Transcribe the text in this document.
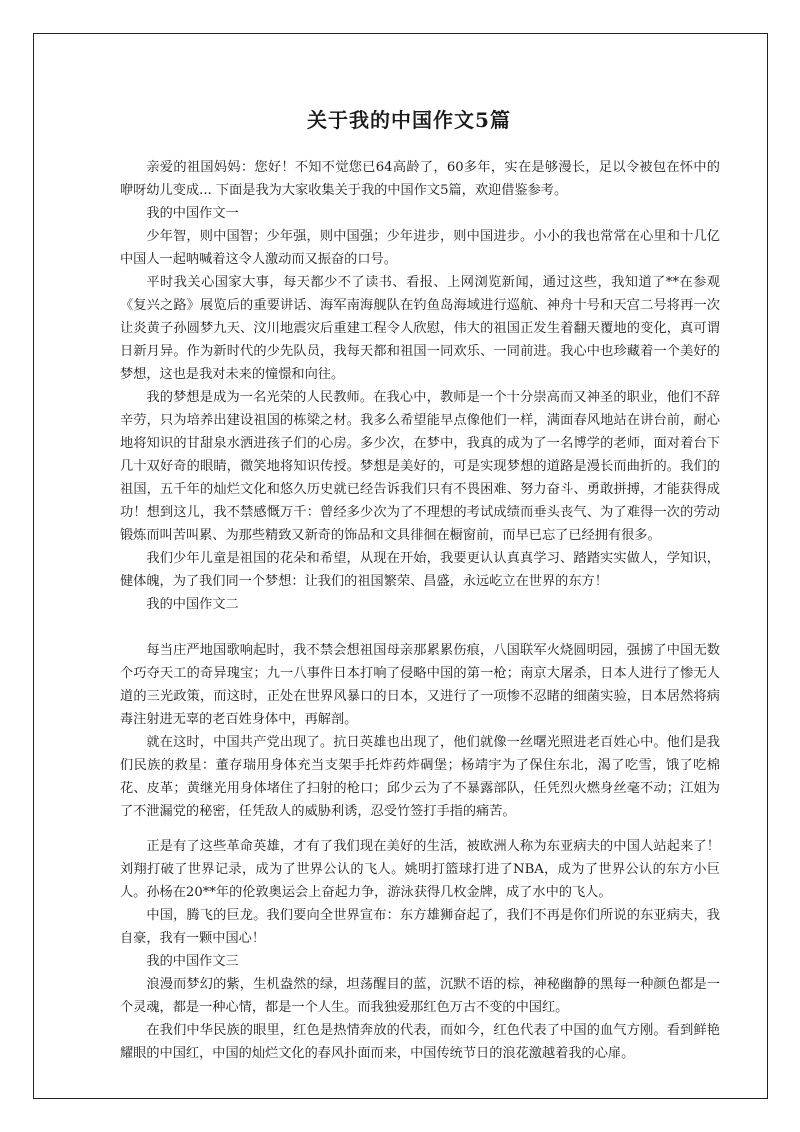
关于我的中国作文5篇

亲爱的祖国妈妈：您好！不知不觉您已64高龄了，60多年，实在是够漫长，足以令被包在怀中的咿呀幼儿变成... 下面是我为大家收集关于我的中国作文5篇，欢迎借鉴参考。

我的中国作文一

少年智，则中国智；少年强，则中国强；少年进步，则中国进步。小小的我也常常在心里和十几亿中国人一起呐喊着这令人激动而又振奋的口号。

平时我关心国家大事，每天都少不了读书、看报、上网浏览新闻，通过这些，我知道了**在参观《复兴之路》展览后的重要讲话、海军南海舰队在钓鱼岛海域进行巡航、神舟十号和天宫二号将再一次让炎黄子孙圆梦九天、汶川地震灾后重建工程令人欣慰，伟大的祖国正发生着翻天覆地的变化，真可谓日新月异。作为新时代的少先队员，我每天都和祖国一同欢乐、一同前进。我心中也珍藏着一个美好的梦想，这也是我对未来的憧憬和向往。

我的梦想是成为一名光荣的人民教师。在我心中，教师是一个十分崇高而又神圣的职业，他们不辞辛劳，只为培养出建设祖国的栋梁之材。我多么希望能早点像他们一样，满面春风地站在讲台前，耐心地将知识的甘甜泉水洒进孩子们的心房。多少次，在梦中，我真的成为了一名博学的老师，面对着台下几十双好奇的眼睛，微笑地将知识传授。梦想是美好的，可是实现梦想的道路是漫长而曲折的。我们的祖国，五千年的灿烂文化和悠久历史就已经告诉我们只有不畏困难、努力奋斗、勇敢拼搏，才能获得成功！想到这儿，我不禁感慨万千：曾经多少次为了不理想的考试成绩而垂头丧气、为了难得一次的劳动锻炼而叫苦叫累、为那些精致又新奇的饰品和文具徘徊在橱窗前，而早已忘了已经拥有很多。

我们少年儿童是祖国的花朵和希望，从现在开始，我要更认认真真学习、踏踏实实做人，学知识，健体魄，为了我们同一个梦想：让我们的祖国繁荣、昌盛，永远屹立在世界的东方！

我的中国作文二

每当庄严地国歌响起时，我不禁会想祖国母亲那累累伤痕，八国联军火烧圆明园，强掳了中国无数个巧夺天工的奇异瑰宝；九一八事件日本打响了侵略中国的第一枪；南京大屠杀，日本人进行了惨无人道的三光政策，而这时，正处在世界风暴口的日本，又进行了一项惨不忍睹的细菌实验，日本居然将病毒注射进无辜的老百姓身体中，再解剖。

就在这时，中国共产党出现了。抗日英雄也出现了，他们就像一丝曙光照进老百姓心中。他们是我们民族的救星：董存瑞用身体充当支架手托炸药炸碉堡；杨靖宇为了保住东北，渴了吃雪，饿了吃棉花、皮革；黄继光用身体堵住了扫射的枪口；邱少云为了不暴露部队，任凭烈火燃身丝毫不动；江姐为了不泄漏党的秘密，任凭敌人的威胁利诱，忍受竹签打手指的痛苦。

正是有了这些革命英雄，才有了我们现在美好的生活，被欧洲人称为东亚病夫的中国人站起来了！刘翔打破了世界记录，成为了世界公认的飞人。姚明打篮球打进了NBA，成为了世界公认的东方小巨人。孙杨在20**年的伦敦奥运会上奋起力争，游泳获得几枚金牌，成了水中的飞人。

中国，腾飞的巨龙。我们要向全世界宣布：东方雄狮奋起了，我们不再是你们所说的东亚病夫，我自豪，我有一颗中国心！

我的中国作文三

浪漫而梦幻的紫，生机盎然的绿，坦荡醒目的蓝，沉默不语的棕，神秘幽静的黑每一种颜色都是一个灵魂，都是一种心情，都是一个人生。而我独爱那红色万古不变的中国红。

在我们中华民族的眼里，红色是热情奔放的代表，而如今，红色代表了中国的血气方刚。看到鲜艳耀眼的中国红，中国的灿烂文化的春风扑面而来，中国传统节日的浪花激越着我的心扉。
